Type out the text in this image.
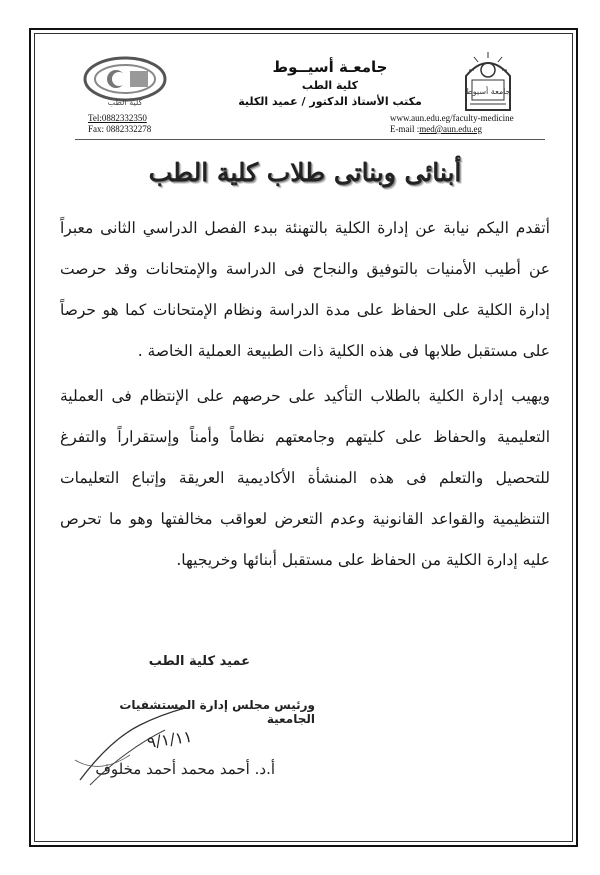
كلية الطب
جامعـة أسيــوط
كلية الطب
مكتب الأستاذ الدكتور / عميد الكلية
Tel:0882332350
Fax: 0882332278
www.aun.edu.eg/faculty-medicine
E-mail :med@aun.edu.eg
جامعة أسيوط
أبنائى وبناتى طلاب كلية الطب
أتقدم اليكم نيابة عن إدارة الكلية بالتهنئة ببدء الفصل الدراسي الثانى معبراً عن أطيب الأمنيات بالتوفيق والنجاح فى الدراسة والإمتحانات وقد حرصت إدارة الكلية على الحفاظ على مدة الدراسة ونظام الإمتحانات كما هو حرصاً على مستقبل طلابها فى هذه الكلية ذات الطبيعة العملية الخاصة .
ويهيب إدارة الكلية بالطلاب التأكيد على حرصهم على الإنتظام فى العملية التعليمية والحفاظ على كليتهم وجامعتهم نظاماً وأمناً وإستقراراً والتفرغ للتحصيل والتعلم فى هذه المنشأة الأكاديمية العريقة وإتباع التعليمات التنظيمية والقواعد القانونية وعدم التعرض لعواقب مخالفتها وهو ما تحرص عليه إدارة الكلية من الحفاظ على مستقبل أبنائها وخريجيها.
عميد كلية الطب
ورئيس مجلس إدارة المستشفيات الجامعية
٩/١/١١
أ.د. أحمد محمد أحمد مخلوف
